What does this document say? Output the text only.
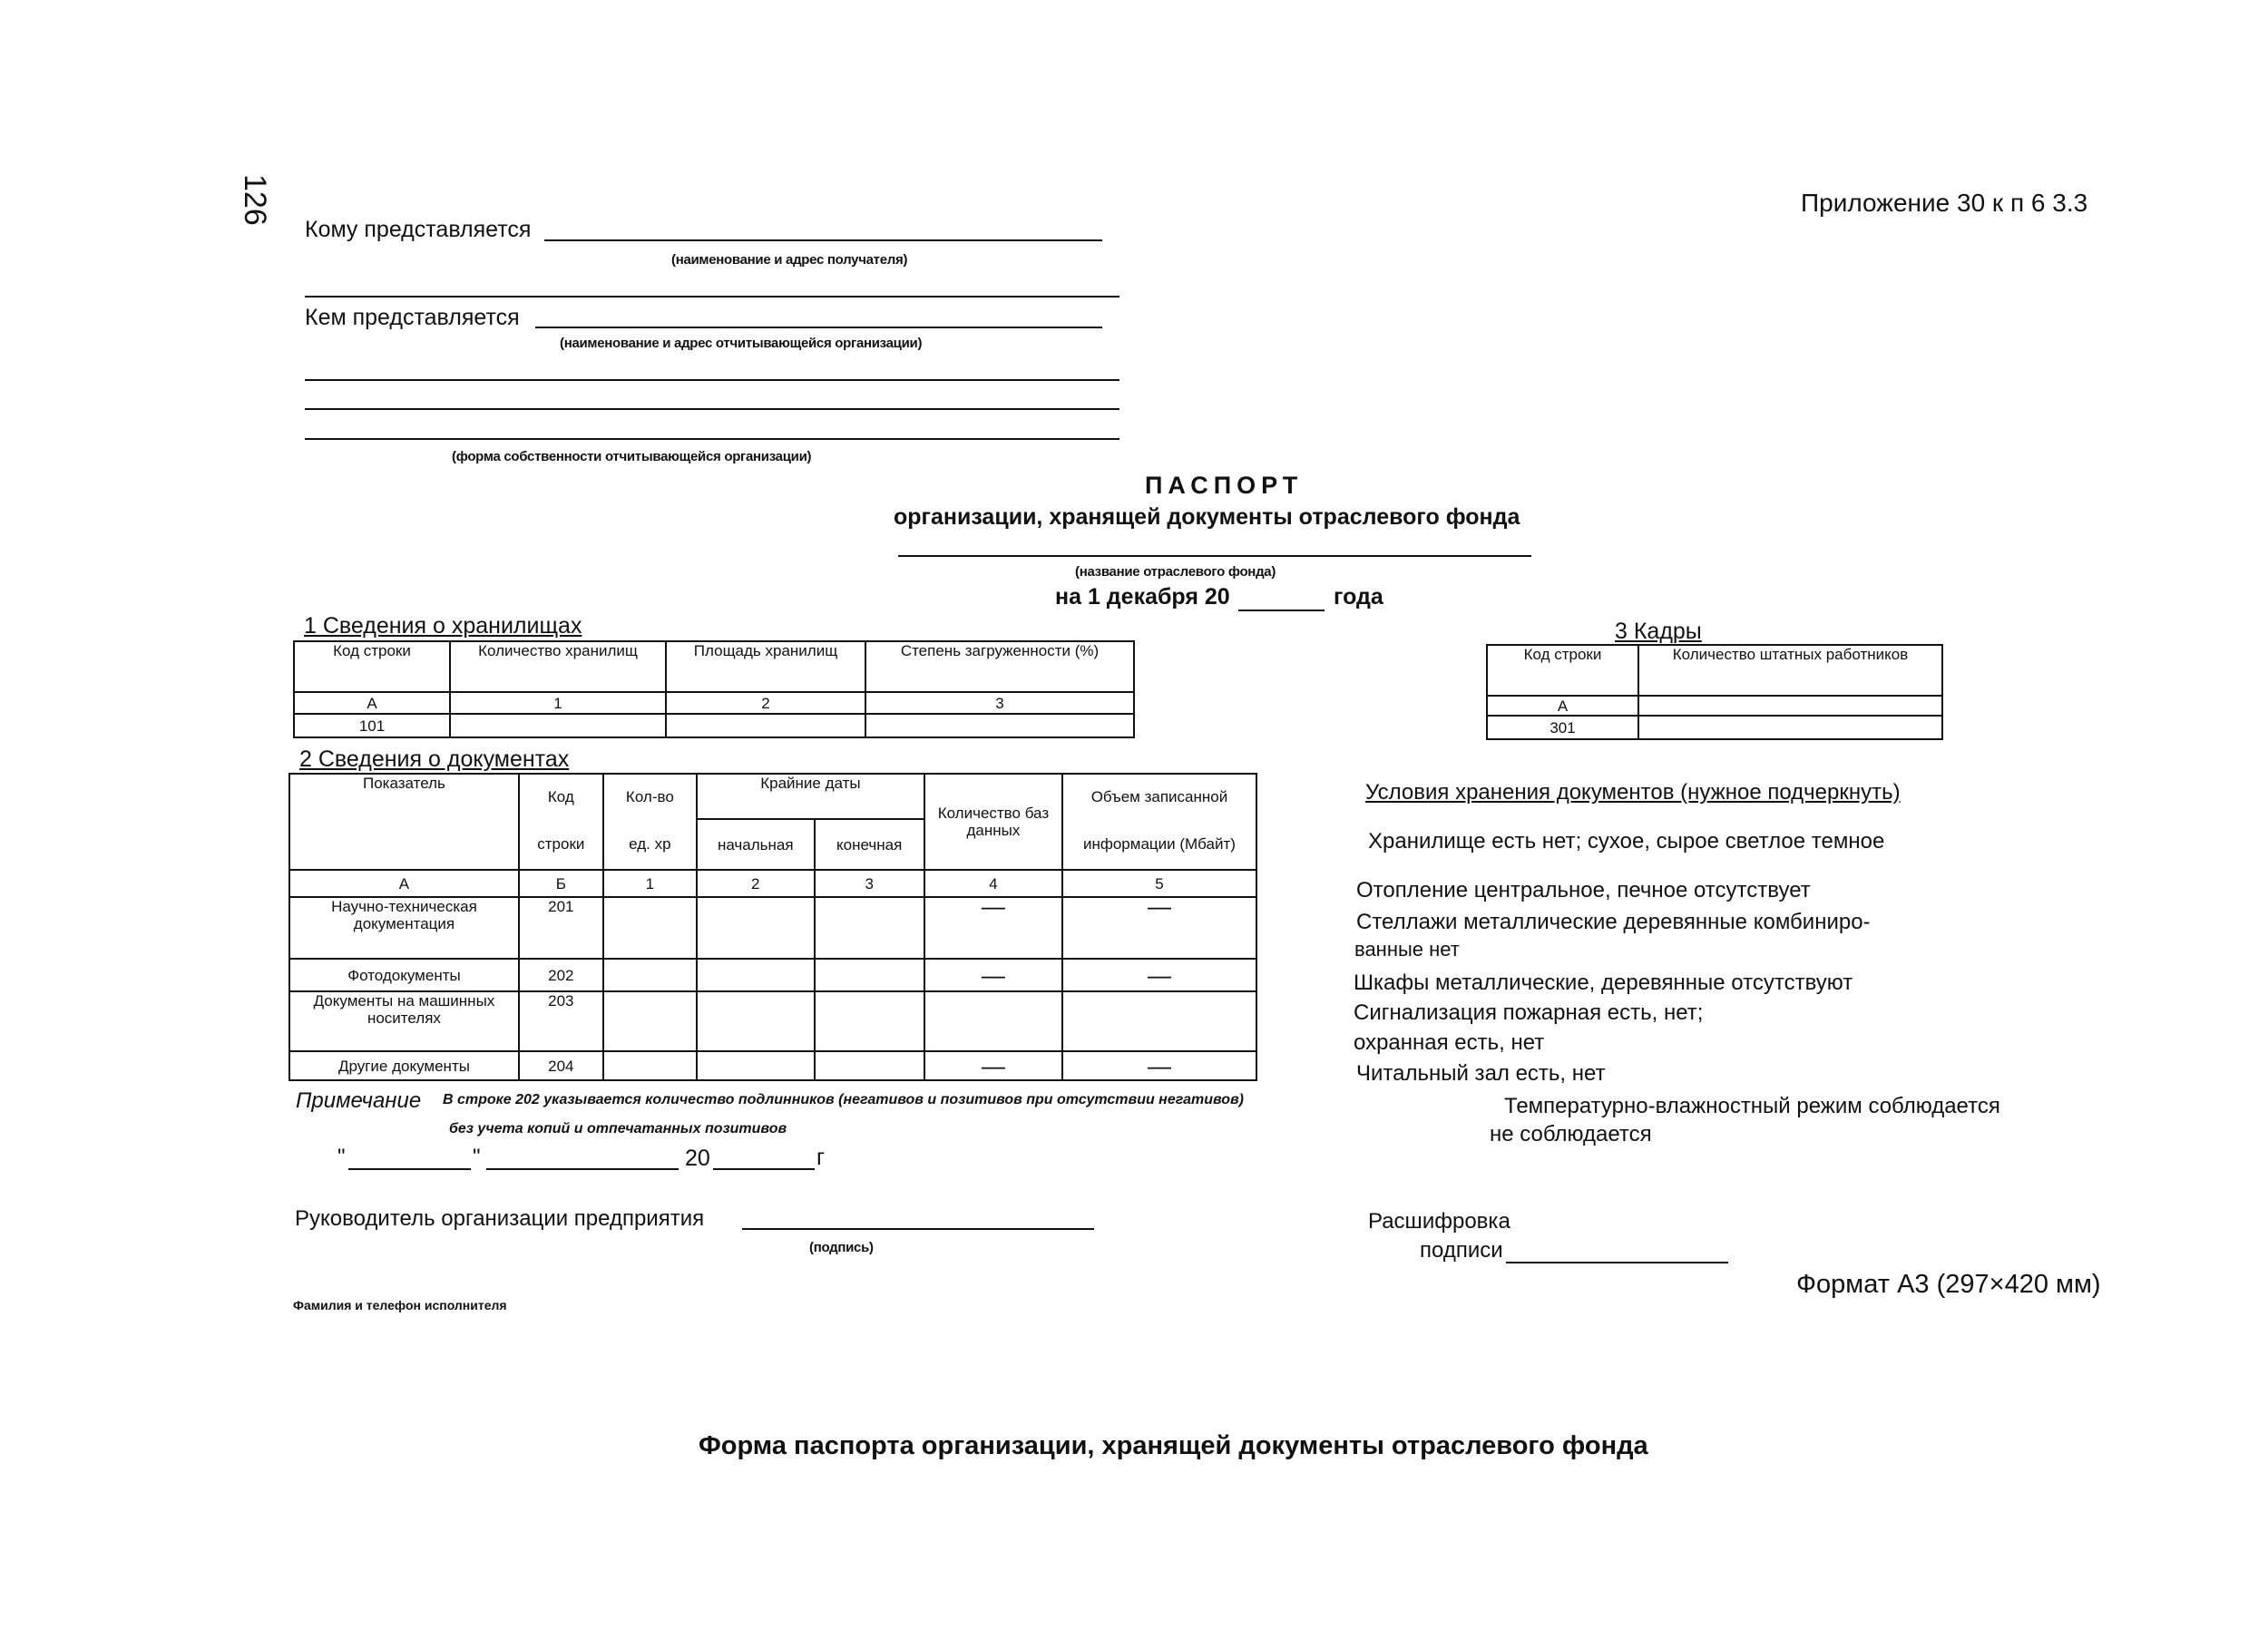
126	Приложение 30 к п 6 3.3
Кому представляется
(наименование и адрес получателя)
Кем представляется
(наименование и адрес отчитывающейся организации)
(форма собственности отчитывающейся организации)
ПАСПОРТ
организации, хранящей документы отраслевого фонда
(название отраслевого фонда)
на 1 декабря 20	года
1 Сведения о хранилищах
Код строки	Количество хранилищ	Площадь хранилищ	Степень загруженности (%)
А	1	2	3
101			
3 Кадры
Код строки	Количество штатных работников
А	
301	
2 Сведения о документах
Показатель	Код	Кол-во	Крайние даты		Количество баз данных	Объем записанной
	строки	ед. хр	начальная	конечная		информации (Мбайт)
А	Б	1	2	3	4	5
Научно-техническая документация	201				—	—
Фотодокументы	202				—	—
Документы на машинных носителях	203					
Другие документы	204				—	—
Примечание В строке 202 указывается количество подлинников (негативов и позитивов при отсутствии негативов)
без учета копий и отпечатанных позитивов
"	"	20	г
Руководитель организации предприятия
(подпись)
Фамилия и телефон исполнителя
Условия хранения документов (нужное подчеркнуть)
Хранилище есть нет; сухое, сырое светлое темное
Отопление центральное, печное отсутствует
Стеллажи металлические деревянные комбиниро-
ванные нет
Шкафы металлические, деревянные отсутствуют
Сигнализация пожарная есть, нет;
охранная есть, нет
Читальный зал есть, нет
Температурно-влажностный режим соблюдается
не соблюдается
Расшифровка
подписи
Формат А3 (297×420 мм)
Форма паспорта организации, хранящей документы отраслевого фонда
